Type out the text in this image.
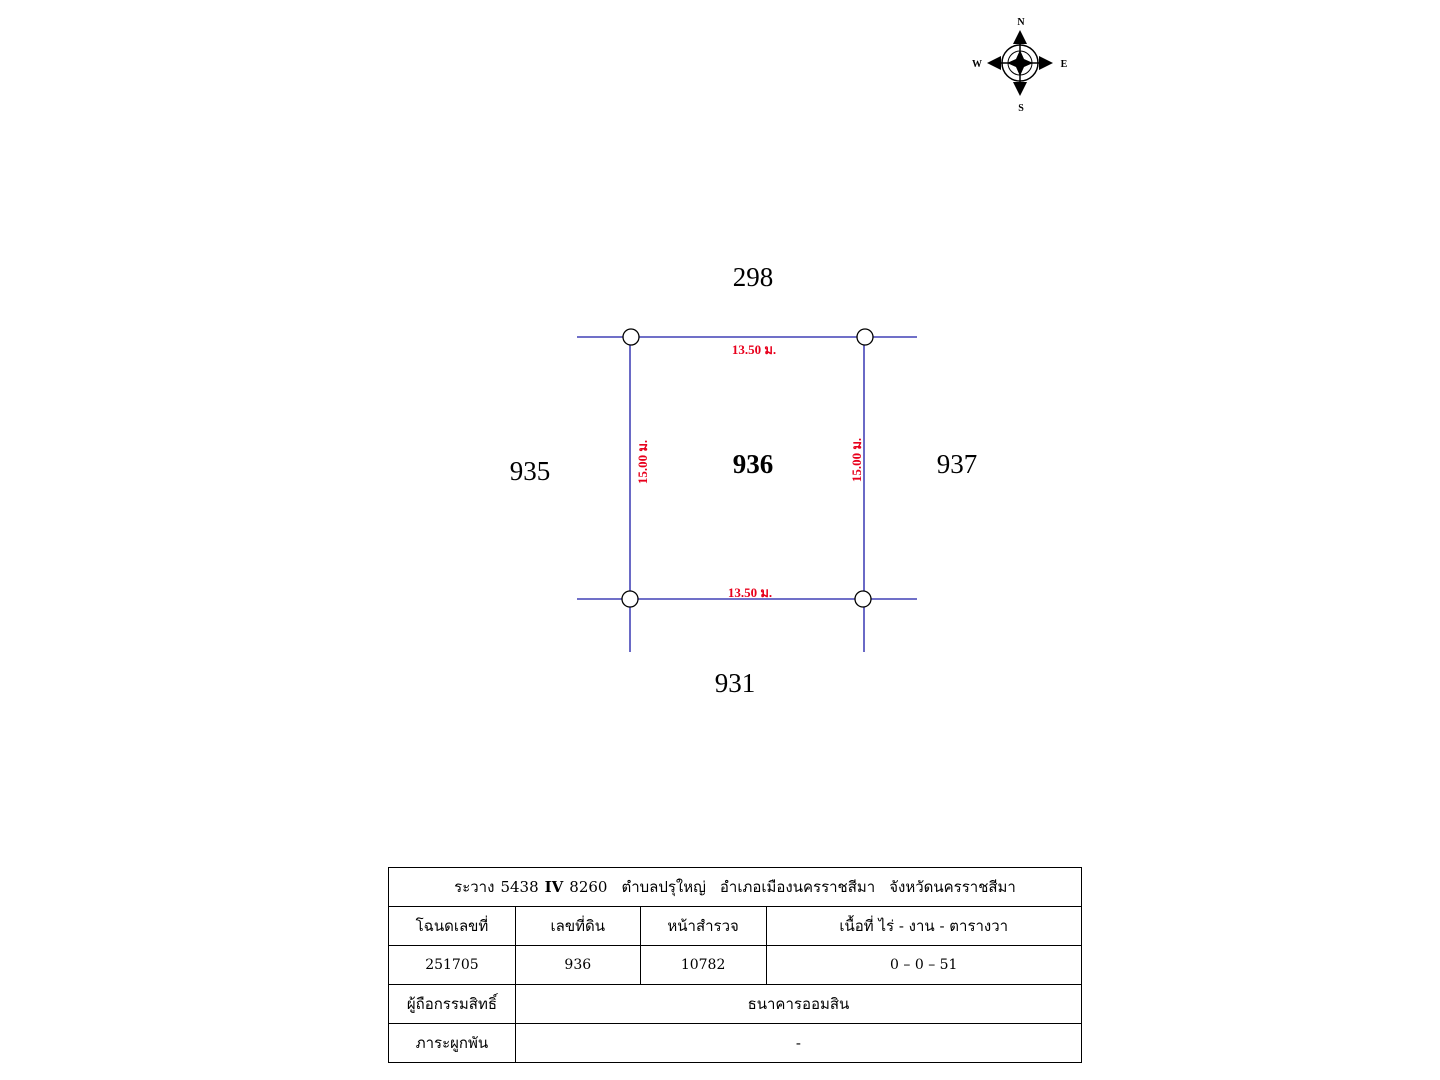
N
S
E
W
298
931
935	937
936
13.50 ม.
13.50 ม.
15.00 ม.	15.00 ม.
ระวาง 5438 IV 8260 ตำบลปรุใหญ่ อำเภอเมืองนครราชสีมา จังหวัดนครราชสีมา			
โฉนดเลขที่	เลขที่ดิน	หน้าสำรวจ	เนื้อที่ ไร่ - งาน - ตารางวา
251705	936	10782	0 – 0 – 51
ผู้ถือกรรมสิทธิ์	ธนาคารออมสิน		
ภาระผูกพัน	-		
